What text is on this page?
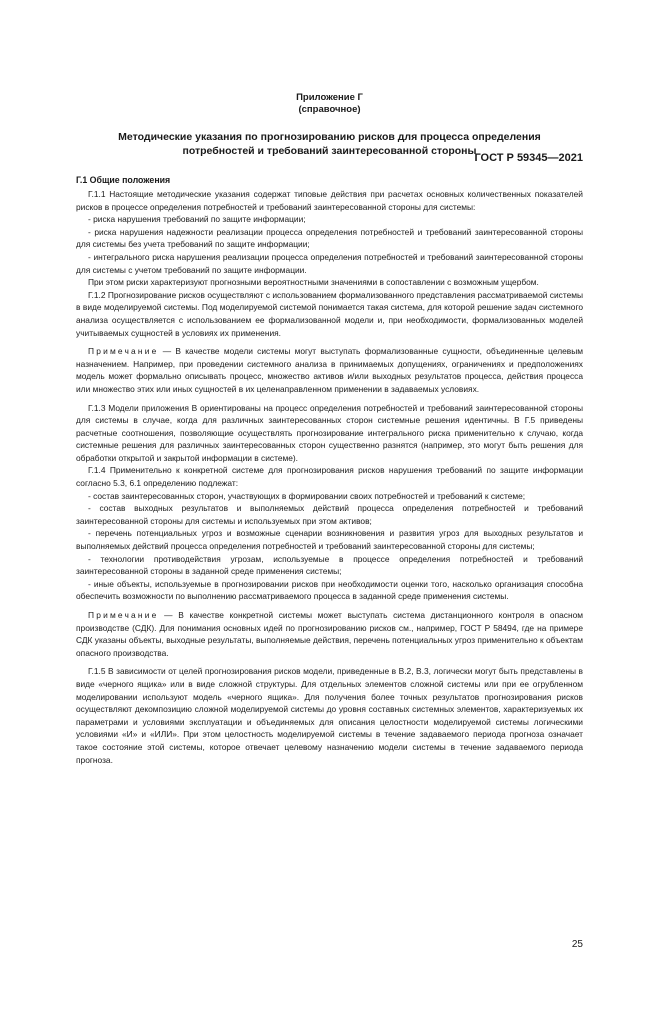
ГОСТ Р 59345—2021
Приложение Г
(справочное)
Методические указания по прогнозированию рисков для процесса определения
потребностей и требований заинтересованной стороны
Г.1 Общие положения

Г.1.1 Настоящие методические указания содержат типовые действия при расчетах основных количественных показателей рисков в процессе определения потребностей и требований заинтересованной стороны для системы:

- риска нарушения требований по защите информации;

- риска нарушения надежности реализации процесса определения потребностей и требований заинтересованной стороны для системы без учета требований по защите информации;

- интегрального риска нарушения реализации процесса определения потребностей и требований заинтересованной стороны для системы с учетом требований по защите информации.

При этом риски характеризуют прогнозными вероятностными значениями в сопоставлении с возможным ущербом.

Г.1.2 Прогнозирование рисков осуществляют с использованием формализованного представления рассматриваемой системы в виде моделируемой системы. Под моделируемой системой понимается такая система, для которой решение задач системного анализа осуществляется с использованием ее формализованной модели и, при необходимости, формализованных моделей учитываемых сущностей в условиях их применения.

Примечание — В качестве модели системы могут выступать формализованные сущности, объединенные целевым назначением. Например, при проведении системного анализа в принимаемых допущениях, ограничениях и предположениях модель может формально описывать процесс, множество активов и/или выходных результатов процесса, действия процесса или множество этих или иных сущностей в их целенаправленном применении в задаваемых условиях.

Г.1.3 Модели приложения В ориентированы на процесс определения потребностей и требований заинтересованной стороны для системы в случае, когда для различных заинтересованных сторон системные решения идентичны. В Г.5 приведены расчетные соотношения, позволяющие осуществлять прогнозирование интегрального риска применительно к случаю, когда системные решения для различных заинтересованных сторон существенно разнятся (например, это могут быть решения для обработки открытой и закрытой информации в системе).

Г.1.4 Применительно к конкретной системе для прогнозирования рисков нарушения требований по защите информации согласно 5.3, 6.1 определению подлежат:

- состав заинтересованных сторон, участвующих в формировании своих потребностей и требований к системе;

- состав выходных результатов и выполняемых действий процесса определения потребностей и требований заинтересованной стороны для системы и используемых при этом активов;

- перечень потенциальных угроз и возможные сценарии возникновения и развития угроз для выходных результатов и выполняемых действий процесса определения потребностей и требований заинтересованной стороны для системы;

- технологии противодействия угрозам, используемые в процессе определения потребностей и требований заинтересованной стороны в заданной среде применения системы;

- иные объекты, используемые в прогнозировании рисков при необходимости оценки того, насколько организация способна обеспечить возможности по выполнению рассматриваемого процесса в заданной среде применения системы.

Примечание — В качестве конкретной системы может выступать система дистанционного контроля в опасном производстве (СДК). Для понимания основных идей по прогнозированию рисков см., например, ГОСТ Р 58494, где на примере СДК указаны объекты, выходные результаты, выполняемые действия, перечень потенциальных угроз применительно к объектам опасного производства.

Г.1.5 В зависимости от целей прогнозирования рисков модели, приведенные в В.2, В.3, логически могут быть представлены в виде «черного ящика» или в виде сложной структуры. Для отдельных элементов сложной системы или при ее огрубленном моделировании используют модель «черного ящика». Для получения более точных результатов прогнозирования рисков осуществляют декомпозицию сложной моделируемой системы до уровня составных системных элементов, характеризуемых их параметрами и условиями эксплуатации и объединяемых для описания целостности моделируемой системы логическими условиями «И» и «ИЛИ». При этом целостность моделируемой системы в течение задаваемого периода прогноза означает такое состояние этой системы, которое отвечает целевому назначению модели системы в течение задаваемого периода прогноза.

25
